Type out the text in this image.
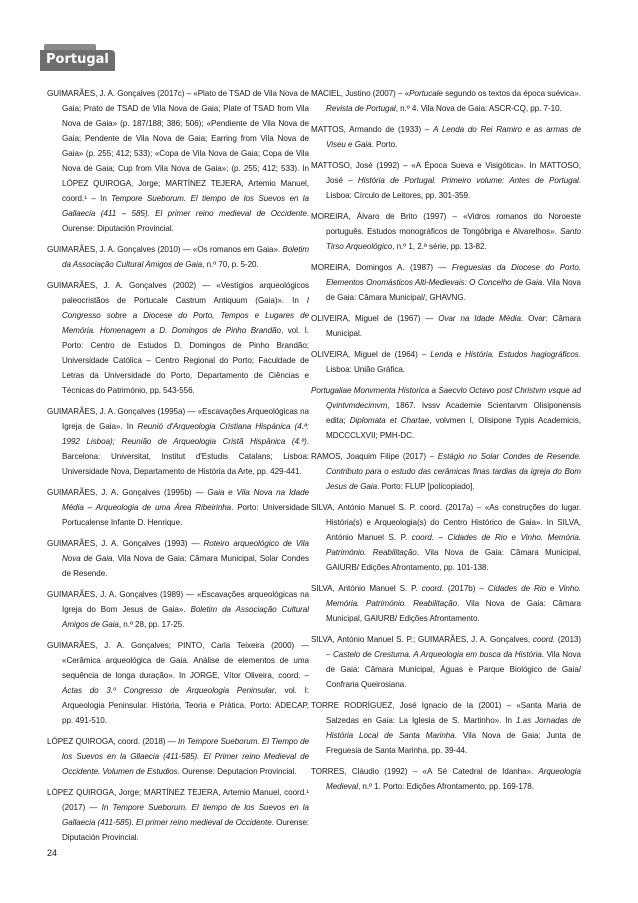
Portugal

GUIMARÃES, J. A. Gonçalves (2017c) – «Plato de TSAD de Vila Nova de Gaia; Prato de TSAD de Vila Nova de Gaia; Plate of TSAD from Vila Nova de Gaia» (p. 187/188; 386; 506); «Pendiente de Vila Nova de Gaia; Pendente de Vila Nova de Gaia; Earring from Vila Nova de Gaia» (p. 255; 412; 533); «Copa de Vila Nova de Gaia; Copa de Vila Nova de Gaia; Cup from Vila Nova de Gaia»; (p. 255; 412; 533). In LÓPEZ QUIROGA, Jorge; MARTÍNEZ TEJERA, Artemio Manuel, coord.¹ – In Tempore Sueborum. El tiempo de los Suevos en la Gallaecia (411 – 585). El primer reino medieval de Occidente. Ourense: Diputación Provincial.

GUIMARÃES, J. A. Gonçalves (2010) — «Os romanos em Gaia». Boletim da Associação Cultural Amigos de Gaia, n.º 70, p. 5-20.

GUIMARÃES, J. A. Gonçalves (2002) — «Vestígios arqueológicos paleocristãos de Portucale Castrum Antiquum (Gaia)». In I Congresso sobre a Diocese do Porto, Tempos e Lugares de Memória. Homenagem a D. Domingos de Pinho Brandão, vol. I. Porto: Centro de Estudos D. Domingos de Pinho Brandão; Universidade Católica – Centro Regional do Porto; Faculdade de Letras da Universidade do Porto, Departamento de Ciências e Técnicas do Património, pp. 543-556.

GUIMARÃES, J. A. Gonçalves (1995a) — «Escavações Arqueológicas na Igreja de Gaia». In Reunió d'Arqueologia Cristiana Hispánica (4.ª: 1992 Lisboa); Reunião de Arqueologia Cristã Hispânica (4.ª). Barcelona: Universitat, Institut d'Estudis Catalans; Lisboa: Universidade Nova, Departamento de História da Arte, pp. 429-441.

GUIMARÃES, J. A. Gonçalves (1995b) — Gaia e Vila Nova na Idade Média – Arqueologia de uma Área Ribeirinha. Porto: Universidade Portucalense Infante D. Henrique.

GUIMARÃES, J. A. Gonçalves (1993) — Roteiro arqueológico de Vila Nova de Gaia. Vila Nova de Gaia: Câmara Municipal, Solar Condes de Resende.

GUIMARÃES, J. A. Gonçalves (1989) — «Escavações arqueológicas na Igreja do Bom Jesus de Gaia». Boletim da Associação Cultural Amigos de Gaia, n.º 28, pp. 17-25.

GUIMARÃES, J. A. Gonçalves; PINTO, Carla Teixeira (2000) — «Cerâmica arqueológica de Gaia. Análise de elementos de uma sequência de longa duração». In JORGE, Vítor Oliveira, coord. – Actas do 3.º Congresso de Arqueologia Peninsular, vol. I: Arqueologia Peninsular. História, Teoria e Prática. Porto: ADECAP, pp. 491-510.

LÓPEZ QUIROGA, coord. (2018) — In Tempore Sueborum. El Tiempo de los Suevos en la Gllaecia (411-585). El Primer reino Medieval de Occidente. Volumen de Estudios. Ourense: Deputacion Provincial.

LÓPEZ QUIROGA, Jorge; MARTÍNEZ TEJERA, Artemio Manuel, coord.¹ (2017) — In Tempore Sueborum. El tiempo de los Suevos en la Gallaecia (411-585). El primer reino medieval de Occidente. Ourense: Diputación Provincial.

MACIEL, Justino (2007) – «Portucale segundo os textos da época suévica». Revista de Portugal, n.º 4. Vila Nova de Gaia: ASCR-CQ, pp. 7-10.

MATTOS, Armando de (1933) – A Lenda do Rei Ramiro e as armas de Viseu e Gaia. Porto.

MATTOSO, José (1992) – «A Época Sueva e Visigótica». In MATTOSO, José – História de Portugal. Primeiro volume: Antes de Portugal. Lisboa: Círculo de Leitores, pp. 301-359.

MOREIRA, Álvaro de Brito (1997) – «Vidros romanos do Noroeste português. Estudos monográficos de Tongóbriga e Alvarelhos». Santo Tirso Arqueológico, n.º 1, 2.ª série, pp. 13-82.

MOREIRA, Domingos A. (1987) — Freguesias da Diocese do Porto. Elementos Onomásticos Alti-Medievais: O Concelho de Gaia. Vila Nova de Gaia: Câmara Municipal/, GHAVNG.

OLIVEIRA, Miguel de (1967) — Ovar na Idade Média. Ovar: Câmara Municipal.

OLIVEIRA, Miguel de (1964) – Lenda e História. Estudos hagiográficos. Lisboa: União Gráfica.

Portugaliae Monvmenta Historica a Saecvlo Octavo post Christvm vsque ad Qvintvmdecimvm, 1867. Ivssv Academie Scientarvm Olisiponensis edita; Diplomata et Chartae, volvmen I, Olisipone Typis Academicis, MDCCCLXVII; PMH-DC.

RAMOS, Joaquim Filipe (2017) – Estágio no Solar Condes de Resende. Contributo para o estudo das cerâmicas finas tardias da igreja do Bom Jesus de Gaia. Porto: FLUP [policopiado].

SILVA, António Manuel S. P. coord. (2017a) – «As construções do lugar. História(s) e Arqueologia(s) do Centro Histórico de Gaia». In SILVA, António Manuel S. P. coord. – Cidades de Rio e Vinho. Memória. Património. Reabilitação. Vila Nova de Gaia: Câmara Municipal, GAIURB/ Edições Afrontamento, pp. 101-138.

SILVA, António Manuel S. P. coord. (2017b) – Cidades de Rio e Vinho. Memória. Património. Reabilitação. Vila Nova de Gaia: Câmara Municipal, GAIURB/ Edições Afrontamento.

SILVA, António Manuel S. P.; GUIMARÃES, J. A. Gonçalves, coord. (2013) – Castelo de Crestuma. A Arqueologia em busca da História. Vila Nova de Gaia: Câmara Municipal, Águas e Parque Biológico de Gaia/ Confraria Queirosiana.

TORRE RODRÍGUEZ, José Ignacio de la (2001) – «Santa Maria de Salzedas en Gaia: La Iglesia de S. Martinho». In 1.as Jornadas de História Local de Santa Marinha. Vila Nova de Gaia: Junta de Freguesia de Santa Marinha, pp. 39-44.

TORRES, Cláudio (1992) – «A Sé Catedral de Idanha». Arqueologia Medieval, n.º 1. Porto: Edições Afrontamento, pp. 169-178.

24
